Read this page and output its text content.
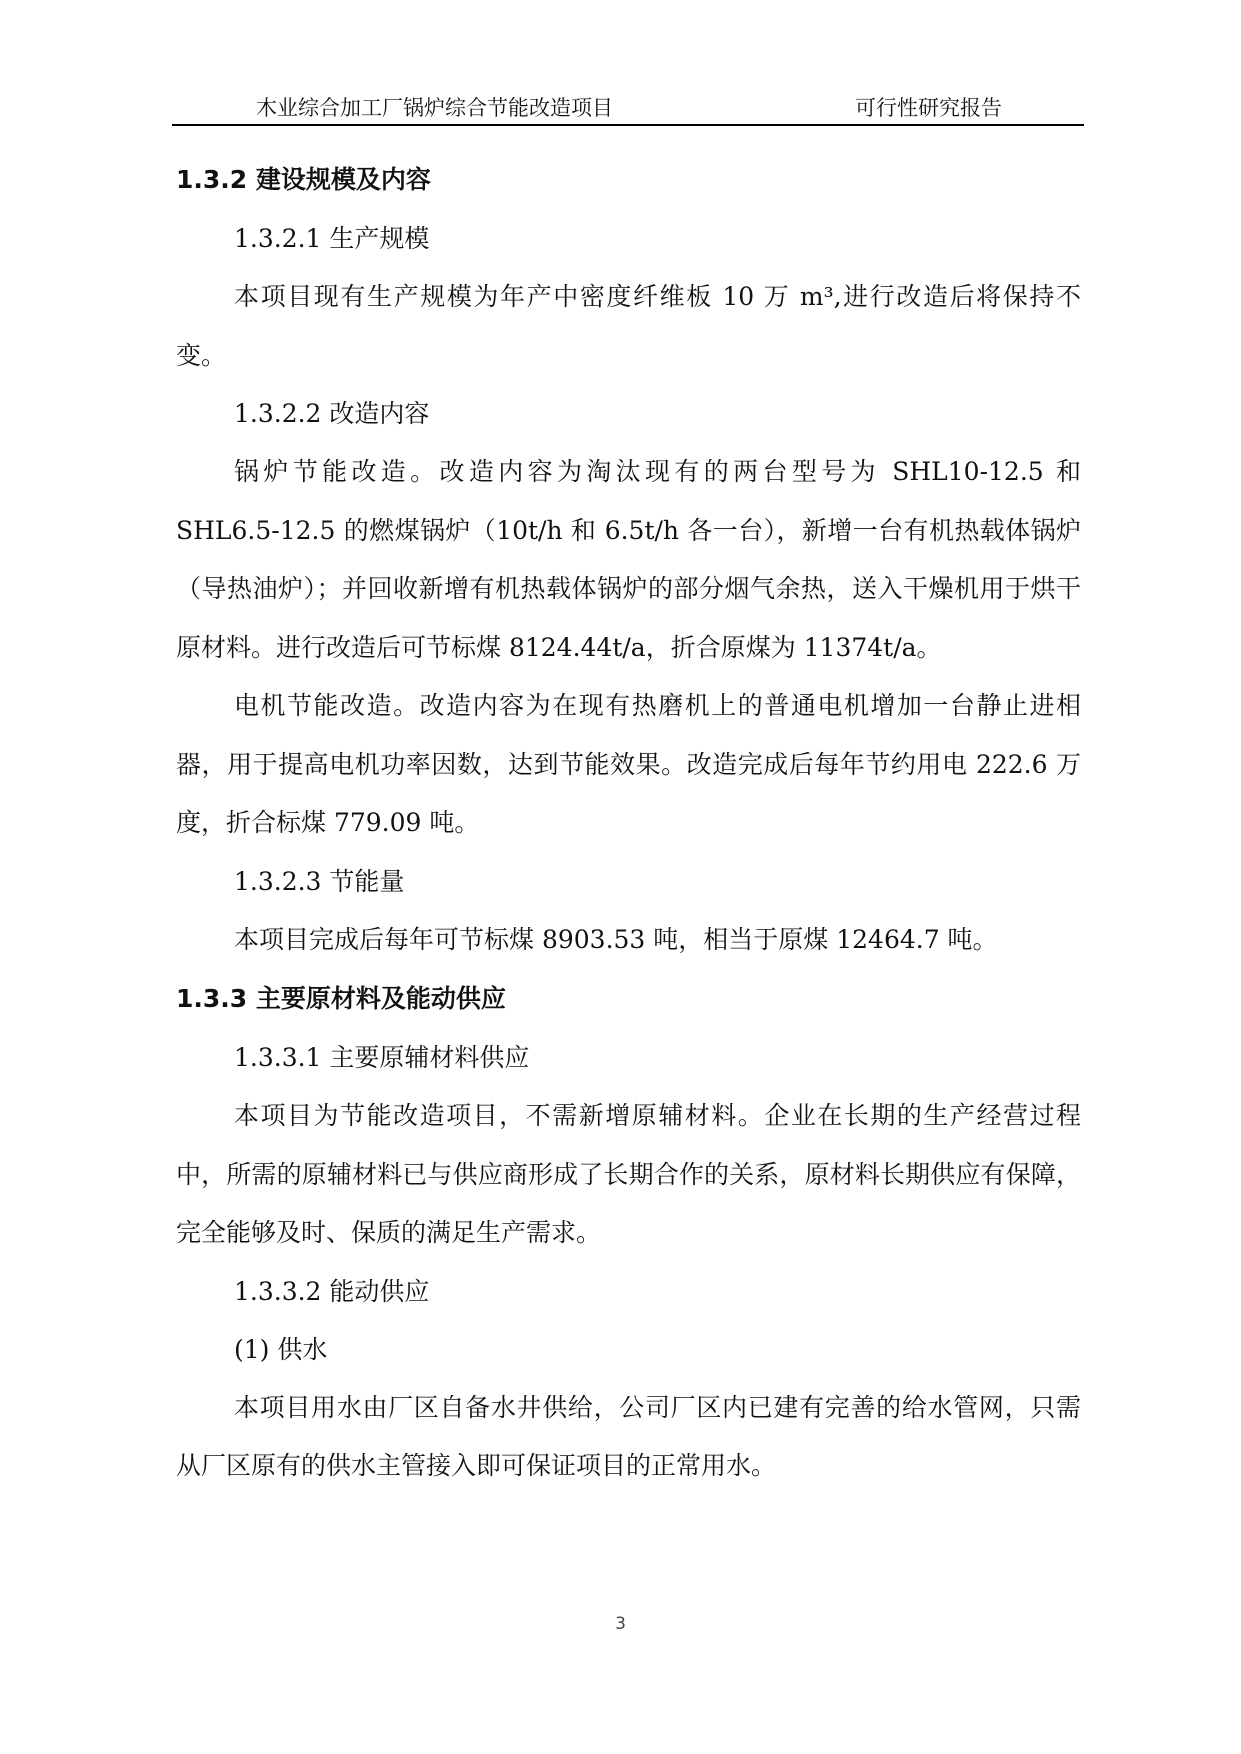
木业综合加工厂锅炉综合节能改造项目	可行性研究报告
1.3.2 建设规模及内容
1.3.2.1 生产规模

本项目现有生产规模为年产中密度纤维板 10 万 m³,进行改造后将保持不变。

1.3.2.2 改造内容

锅炉节能改造。改造内容为淘汰现有的两台型号为 SHL10-12.5 和 SHL6.5-12.5 的燃煤锅炉（10t/h 和 6.5t/h 各一台），新增一台有机热载体锅炉（导热油炉）；并回收新增有机热载体锅炉的部分烟气余热，送入干燥机用于烘干原材料。进行改造后可节标煤 8124.44t/a，折合原煤为 11374t/a。

电机节能改造。改造内容为在现有热磨机上的普通电机增加一台静止进相器，用于提高电机功率因数，达到节能效果。改造完成后每年节约用电 222.6 万度，折合标煤 779.09 吨。

1.3.2.3 节能量

本项目完成后每年可节标煤 8903.53 吨，相当于原煤 12464.7 吨。

1.3.3 主要原材料及能动供应
1.3.3.1 主要原辅材料供应

本项目为节能改造项目，不需新增原辅材料。企业在长期的生产经营过程中，所需的原辅材料已与供应商形成了长期合作的关系，原材料长期供应有保障，完全能够及时、保质的满足生产需求。

1.3.3.2 能动供应
(1) 供水

本项目用水由厂区自备水井供给，公司厂区内已建有完善的给水管网，只需从厂区原有的供水主管接入即可保证项目的正常用水。

3
